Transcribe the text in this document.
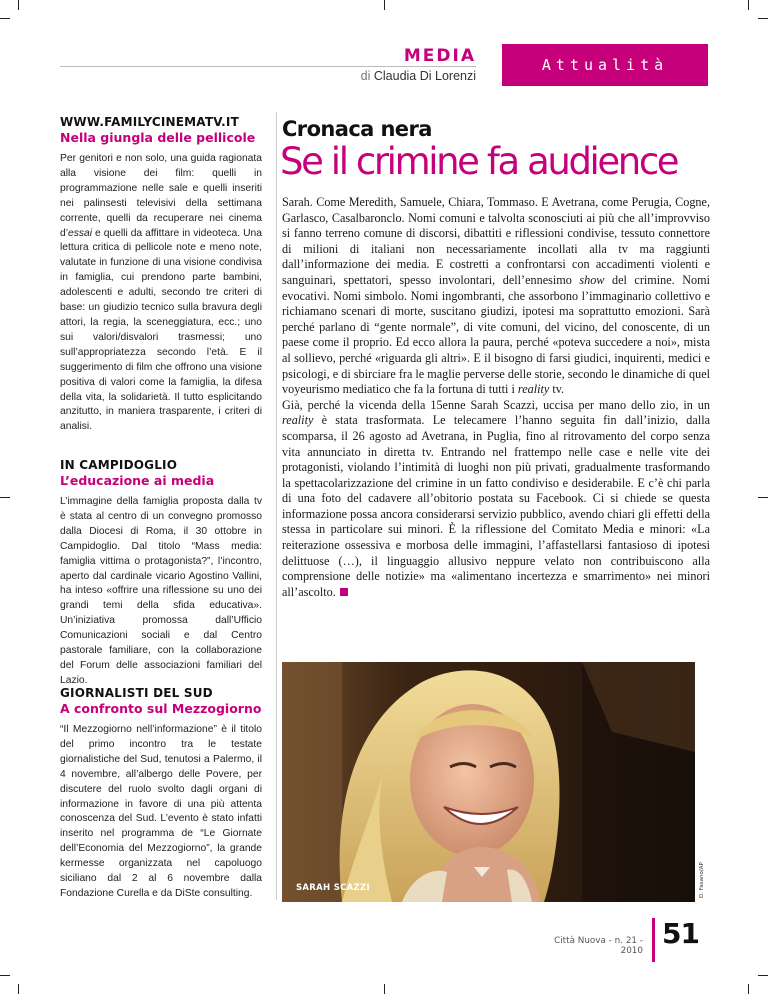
MEDIA
di Claudia Di Lorenzi
Attualità
WWW.FAMILYCINEMATV.IT
Nella giungla delle pellicole

Per genitori e non solo, una guida ragionata alla visione dei film: quelli in programmazione nelle sale e quelli inseriti nei palinsesti televisivi della settimana corrente, quelli da recuperare nei cinema d’essai e quelli da affittare in videoteca. Una lettura critica di pellicole note e meno note, valutate in funzione di una visione condivisa in famiglia, cui prendono parte bambini, adolescenti e adulti, secondo tre criteri di base: un giudizio tecnico sulla bravura degli attori, la regia, la sceneggiatura, ecc.; uno sui valori/disvalori trasmessi; uno sull’appropriatezza secondo l’età. E il suggerimento di film che offrono una visione positiva di valori come la famiglia, la difesa della vita, la solidarietà. Il tutto esplicitando anzitutto, in maniera trasparente, i criteri di analisi.

IN CAMPIDOGLIO
L’educazione ai media

L’immagine della famiglia proposta dalla tv è stata al centro di un convegno promosso dalla Diocesi di Roma, il 30 ottobre in Campidoglio. Dal titolo “Mass media: famiglia vittima o protagonista?”, l’incontro, aperto dal cardinale vicario Agostino Vallini, ha inteso «offrire una riflessione su uno dei grandi temi della sfida educativa». Un’iniziativa promossa dall’Ufficio Comunicazioni sociali e dal Centro pastorale familiare, con la collaborazione del Forum delle associazioni familiari del Lazio.

GIORNALISTI DEL SUD
A confronto sul Mezzogiorno

“Il Mezzogiorno nell’informazione” è il titolo del primo incontro tra le testate giornalistiche del Sud, tenutosi a Palermo, il 4 novembre, all’albergo delle Povere, per discutere del ruolo svolto dagli organi di informazione in favore di una più attenta conoscenza del Sud. L’evento è stato infatti inserito nel programma de “Le Giornate dell’Economia del Mezzogiorno”, la grande kermesse organizzata nel capoluogo siciliano dal 2 al 6 novembre dalla Fondazione Curella e da DiSte consulting.

Cronaca nera
Se il crimine fa audience

Sarah. Come Meredith, Samuele, Chiara, Tommaso. E Avetrana, come Perugia, Cogne, Garlasco, Casalbaronclo. Nomi comuni e talvolta sconosciuti ai più che all’improvviso si fanno terreno comune di discorsi, dibattiti e riflessioni condivise, tessuto connettore di milioni di italiani non necessariamente incollati alla tv ma raggiunti dall’informazione dei media. E costretti a confrontarsi con accadimenti violenti e sanguinari, spettatori, spesso involontari, dell’ennesimo show del crimine. Nomi evocativi. Nomi simbolo. Nomi ingombranti, che assorbono l’immaginario collettivo e richiamano scenari di morte, suscitano giudizi, ipotesi ma soprattutto emozioni. Sarà perché parlano di “gente normale”, di vite comuni, del vicino, del conoscente, di un paese come il proprio. Ed ecco allora la paura, perché «poteva succedere a noi», mista al sollievo, perché «riguarda gli altri». E il bisogno di farsi giudici, inquirenti, medici e psicologi, e di sbirciare fra le maglie perverse delle storie, secondo le dinamiche di quel voyeurismo mediatico che fa la fortuna di tutti i reality tv.
Già, perché la vicenda della 15enne Sarah Scazzi, uccisa per mano dello zio, in un reality è stata trasformata. Le telecamere l’hanno seguita fin dall’inizio, dalla scomparsa, il 26 agosto ad Avetrana, in Puglia, fino al ritrovamento del corpo senza vita annunciato in diretta tv. Entrando nel frattempo nelle case e nelle vite dei protagonisti, violando l’intimità di luoghi non più privati, gradualmente trasformando la spettacolarizzazione del crimine in un fatto condiviso e desiderabile. E c’è chi parla di una foto del cadavere all’obitorio postata su Facebook. Ci si chiede se questa informazione possa ancora considerarsi servizio pubblico, avendo chiari gli effetti della stessa in particolare sui minori. È la riflessione del Comitato Media e minori: «La reiterazione ossessiva e morbosa delle immagini, l’affastellarsi fantasioso di ipotesi delittuose (…), il linguaggio allusivo neppure velato non contribuiscono alla comprensione delle notizie» ma «alimentano incertezza e smarrimento» nei minori all’ascolto.

SARAH SCAZZI	D. Fasano/AP
Città Nuova - n. 21 - 2010
51
